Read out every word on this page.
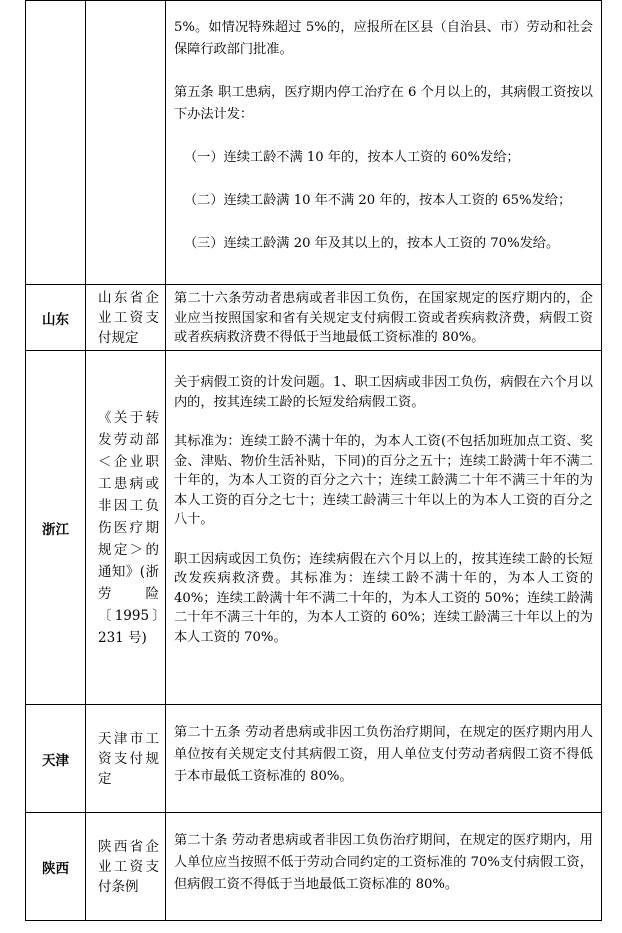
		5%。如情况特殊超过 5%的，应报所在区县（自治县、市）劳动和社会保障行政部门批准。

第五条 职工患病，医疗期内停工治疗在 6 个月以上的，其病假工资按以下办法计发：

（一）连续工龄不满 10 年的，按本人工资的 60%发给；

（二）连续工龄满 10 年不满 20 年的，按本人工资的 65%发给；

（三）连续工龄满 20 年及其以上的，按本人工资的 70%发给。

山东	山东省企业工资支付规定	第二十六条劳动者患病或者非因工负伤，在国家规定的医疗期内的，企业应当按照国家和省有关规定支付病假工资或者疾病救济费，病假工资或者疾病救济费不得低于当地最低工资标准的 80%。

浙江	《关于转发劳动部＜企业职工患病或非因工负伤医疗期规定＞的通知》(浙劳险〔1995〕231 号)	关于病假工资的计发问题。1、职工因病或非因工负伤，病假在六个月以内的，按其连续工龄的长短发给病假工资。

其标准为：连续工龄不满十年的，为本人工资(不包括加班加点工资、奖金、津贴、物价生活补贴，下同)的百分之五十；连续工龄满十年不满二十年的，为本人工资的百分之六十；连续工龄满二十年不满三十年的为本人工资的百分之七十；连续工龄满三十年以上的为本人工资的百分之八十。

职工因病或因工负伤；连续病假在六个月以上的，按其连续工龄的长短改发疾病救济费。其标准为：连续工龄不满十年的，为本人工资的 40%；连续工龄满十年不满二十年的，为本人工资的 50%；连续工龄满二十年不满三十年的，为本人工资的 60%；连续工龄满三十年以上的为本人工资的 70%。

天津	天津市工资支付规定	第二十五条 劳动者患病或非因工负伤治疗期间，在规定的医疗期内用人单位按有关规定支付其病假工资，用人单位支付劳动者病假工资不得低于本市最低工资标准的 80%。

陕西	陕西省企业工资支付条例	第二十条 劳动者患病或者非因工负伤治疗期间，在规定的医疗期内，用人单位应当按照不低于劳动合同约定的工资标准的 70%支付病假工资，但病假工资不得低于当地最低工资标准的 80%。
